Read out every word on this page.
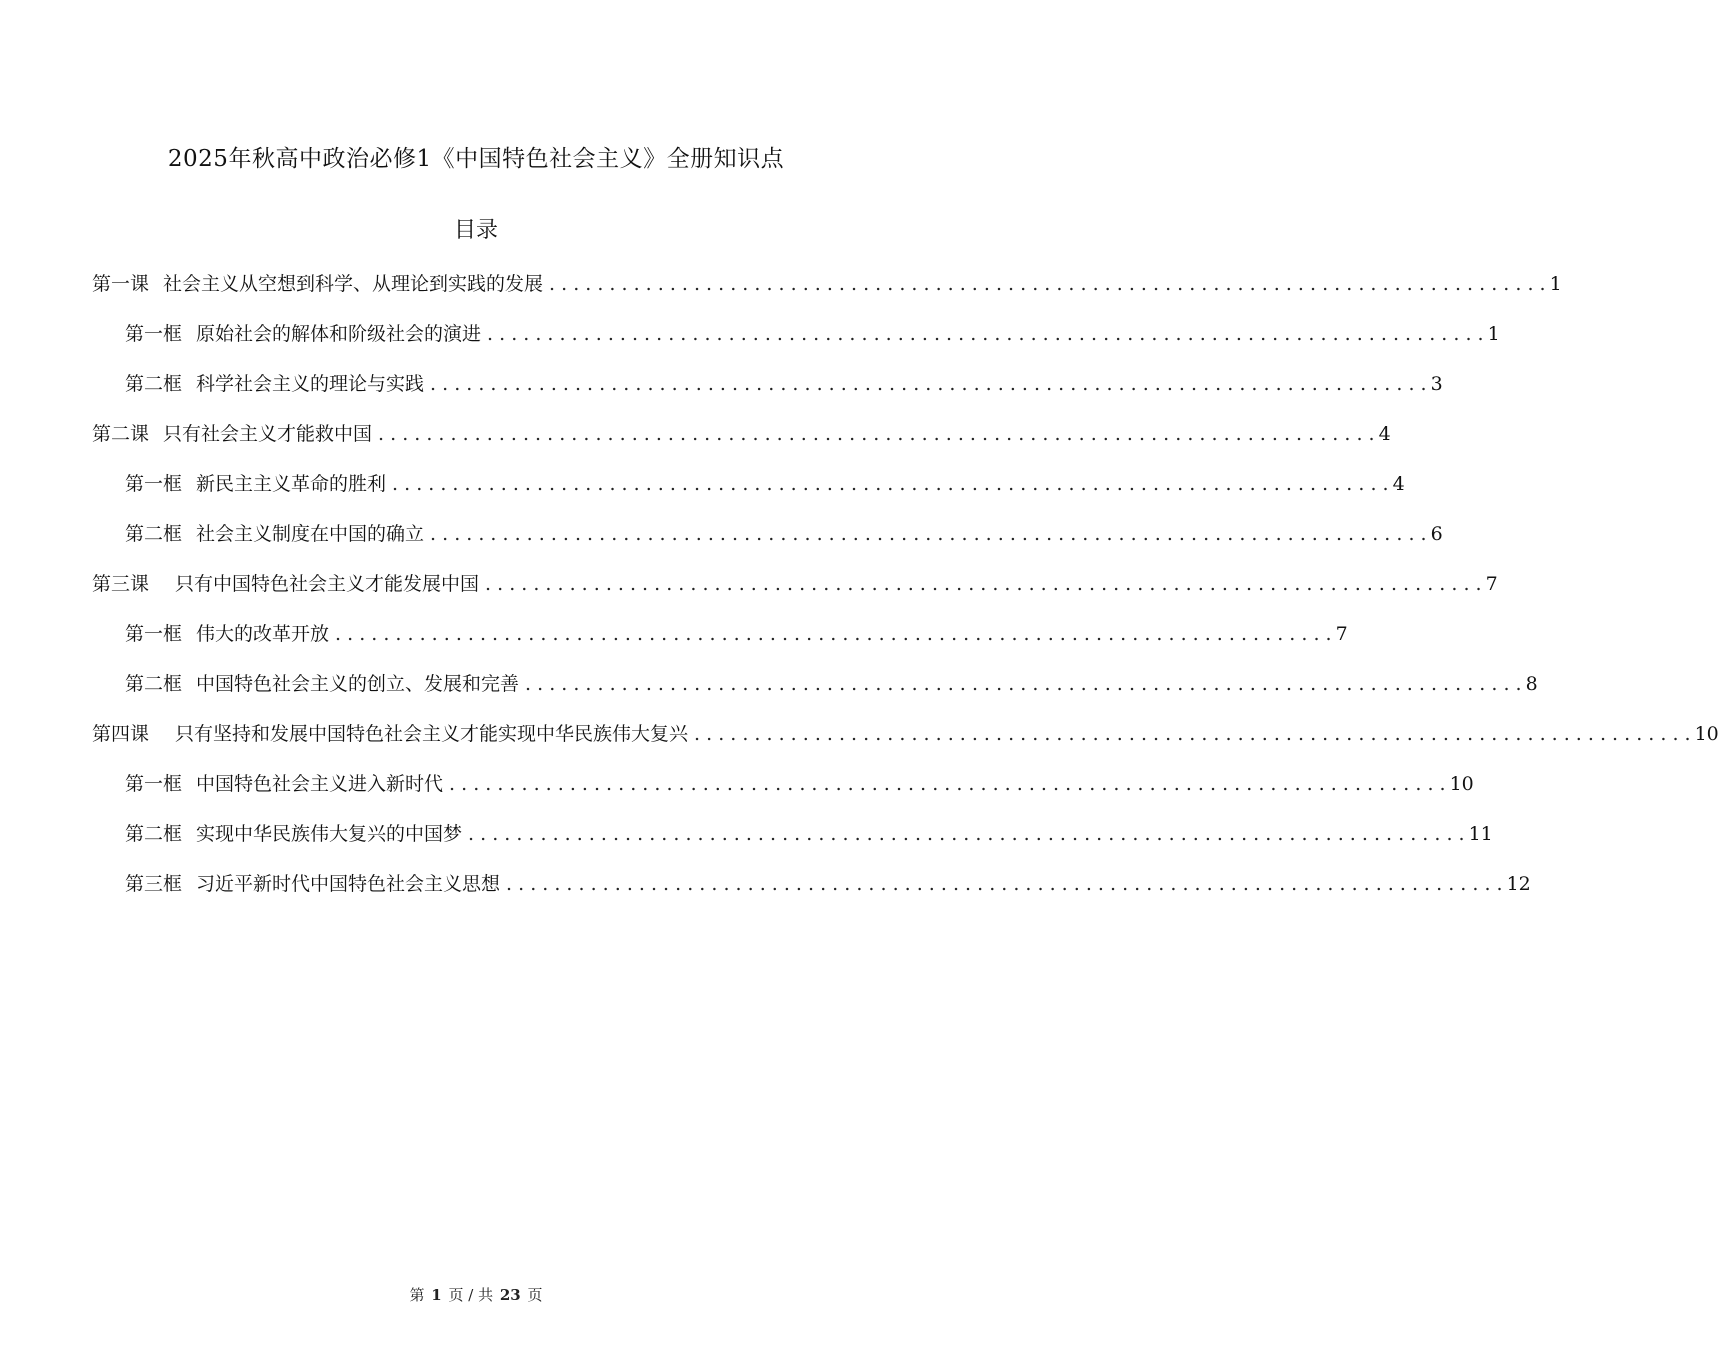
2025年秋高中政治必修1《中国特色社会主义》全册知识点
目录
第一课 社会主义从空想到科学、从理论到实践的发展 . . .	1
第一框 原始社会的解体和阶级社会的演进 . . .	1
第二框 科学社会主义的理论与实践 . . .	3
第二课 只有社会主义才能救中国 . . .	4
第一框 新民主主义革命的胜利 . . .	4
第二框 社会主义制度在中国的确立 . . .	6
第三课 只有中国特色社会主义才能发展中国 . . .	7
第一框 伟大的改革开放 . . .	7
第二框 中国特色社会主义的创立、发展和完善 . . .	8
第四课 只有坚持和发展中国特色社会主义才能实现中华民族伟大复兴 . . .	10
第一框 中国特色社会主义进入新时代 . . .	10
第二框 实现中华民族伟大复兴的中国梦 . . .	11
第三框 习近平新时代中国特色社会主义思想 . . .	12
第 1 页 / 共 23 页
